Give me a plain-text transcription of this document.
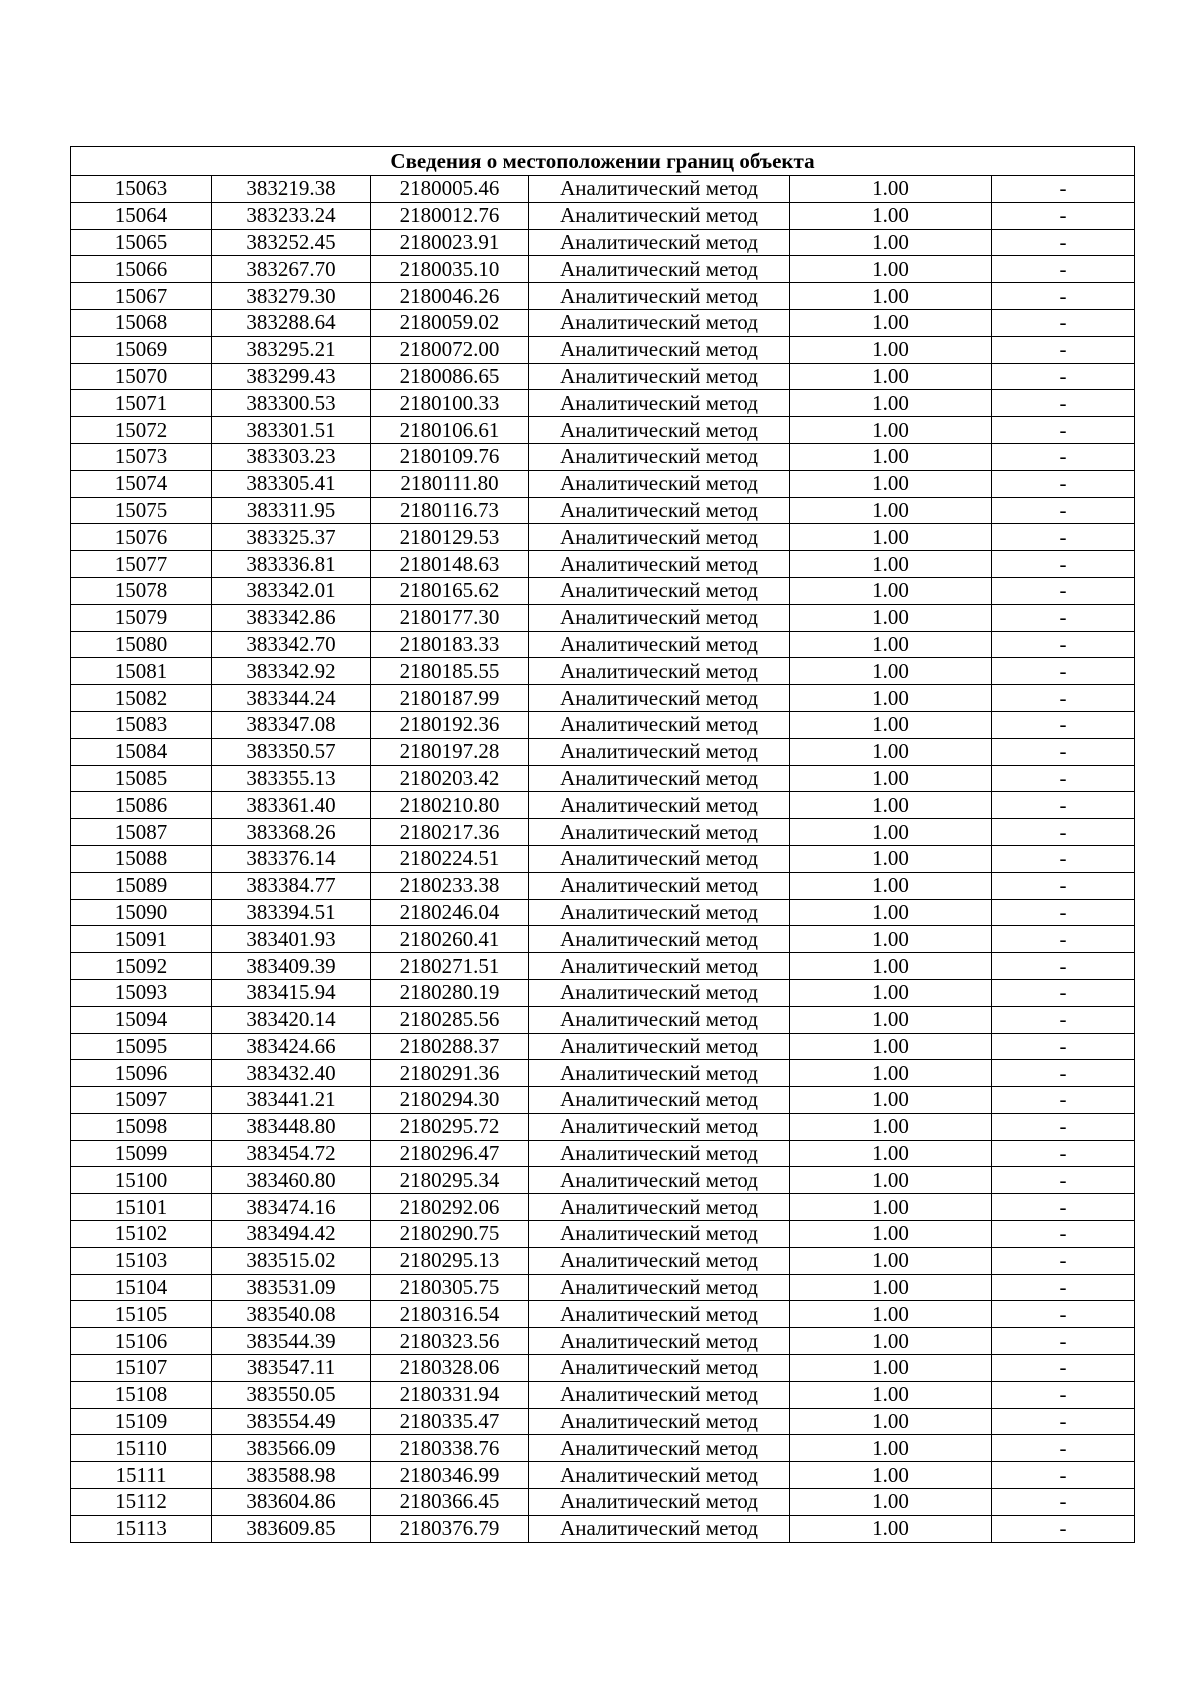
Сведения о местоположении границ объекта					
15063	383219.38	2180005.46	Аналитический метод	1.00	-
15064	383233.24	2180012.76	Аналитический метод	1.00	-
15065	383252.45	2180023.91	Аналитический метод	1.00	-
15066	383267.70	2180035.10	Аналитический метод	1.00	-
15067	383279.30	2180046.26	Аналитический метод	1.00	-
15068	383288.64	2180059.02	Аналитический метод	1.00	-
15069	383295.21	2180072.00	Аналитический метод	1.00	-
15070	383299.43	2180086.65	Аналитический метод	1.00	-
15071	383300.53	2180100.33	Аналитический метод	1.00	-
15072	383301.51	2180106.61	Аналитический метод	1.00	-
15073	383303.23	2180109.76	Аналитический метод	1.00	-
15074	383305.41	2180111.80	Аналитический метод	1.00	-
15075	383311.95	2180116.73	Аналитический метод	1.00	-
15076	383325.37	2180129.53	Аналитический метод	1.00	-
15077	383336.81	2180148.63	Аналитический метод	1.00	-
15078	383342.01	2180165.62	Аналитический метод	1.00	-
15079	383342.86	2180177.30	Аналитический метод	1.00	-
15080	383342.70	2180183.33	Аналитический метод	1.00	-
15081	383342.92	2180185.55	Аналитический метод	1.00	-
15082	383344.24	2180187.99	Аналитический метод	1.00	-
15083	383347.08	2180192.36	Аналитический метод	1.00	-
15084	383350.57	2180197.28	Аналитический метод	1.00	-
15085	383355.13	2180203.42	Аналитический метод	1.00	-
15086	383361.40	2180210.80	Аналитический метод	1.00	-
15087	383368.26	2180217.36	Аналитический метод	1.00	-
15088	383376.14	2180224.51	Аналитический метод	1.00	-
15089	383384.77	2180233.38	Аналитический метод	1.00	-
15090	383394.51	2180246.04	Аналитический метод	1.00	-
15091	383401.93	2180260.41	Аналитический метод	1.00	-
15092	383409.39	2180271.51	Аналитический метод	1.00	-
15093	383415.94	2180280.19	Аналитический метод	1.00	-
15094	383420.14	2180285.56	Аналитический метод	1.00	-
15095	383424.66	2180288.37	Аналитический метод	1.00	-
15096	383432.40	2180291.36	Аналитический метод	1.00	-
15097	383441.21	2180294.30	Аналитический метод	1.00	-
15098	383448.80	2180295.72	Аналитический метод	1.00	-
15099	383454.72	2180296.47	Аналитический метод	1.00	-
15100	383460.80	2180295.34	Аналитический метод	1.00	-
15101	383474.16	2180292.06	Аналитический метод	1.00	-
15102	383494.42	2180290.75	Аналитический метод	1.00	-
15103	383515.02	2180295.13	Аналитический метод	1.00	-
15104	383531.09	2180305.75	Аналитический метод	1.00	-
15105	383540.08	2180316.54	Аналитический метод	1.00	-
15106	383544.39	2180323.56	Аналитический метод	1.00	-
15107	383547.11	2180328.06	Аналитический метод	1.00	-
15108	383550.05	2180331.94	Аналитический метод	1.00	-
15109	383554.49	2180335.47	Аналитический метод	1.00	-
15110	383566.09	2180338.76	Аналитический метод	1.00	-
15111	383588.98	2180346.99	Аналитический метод	1.00	-
15112	383604.86	2180366.45	Аналитический метод	1.00	-
15113	383609.85	2180376.79	Аналитический метод	1.00	-
